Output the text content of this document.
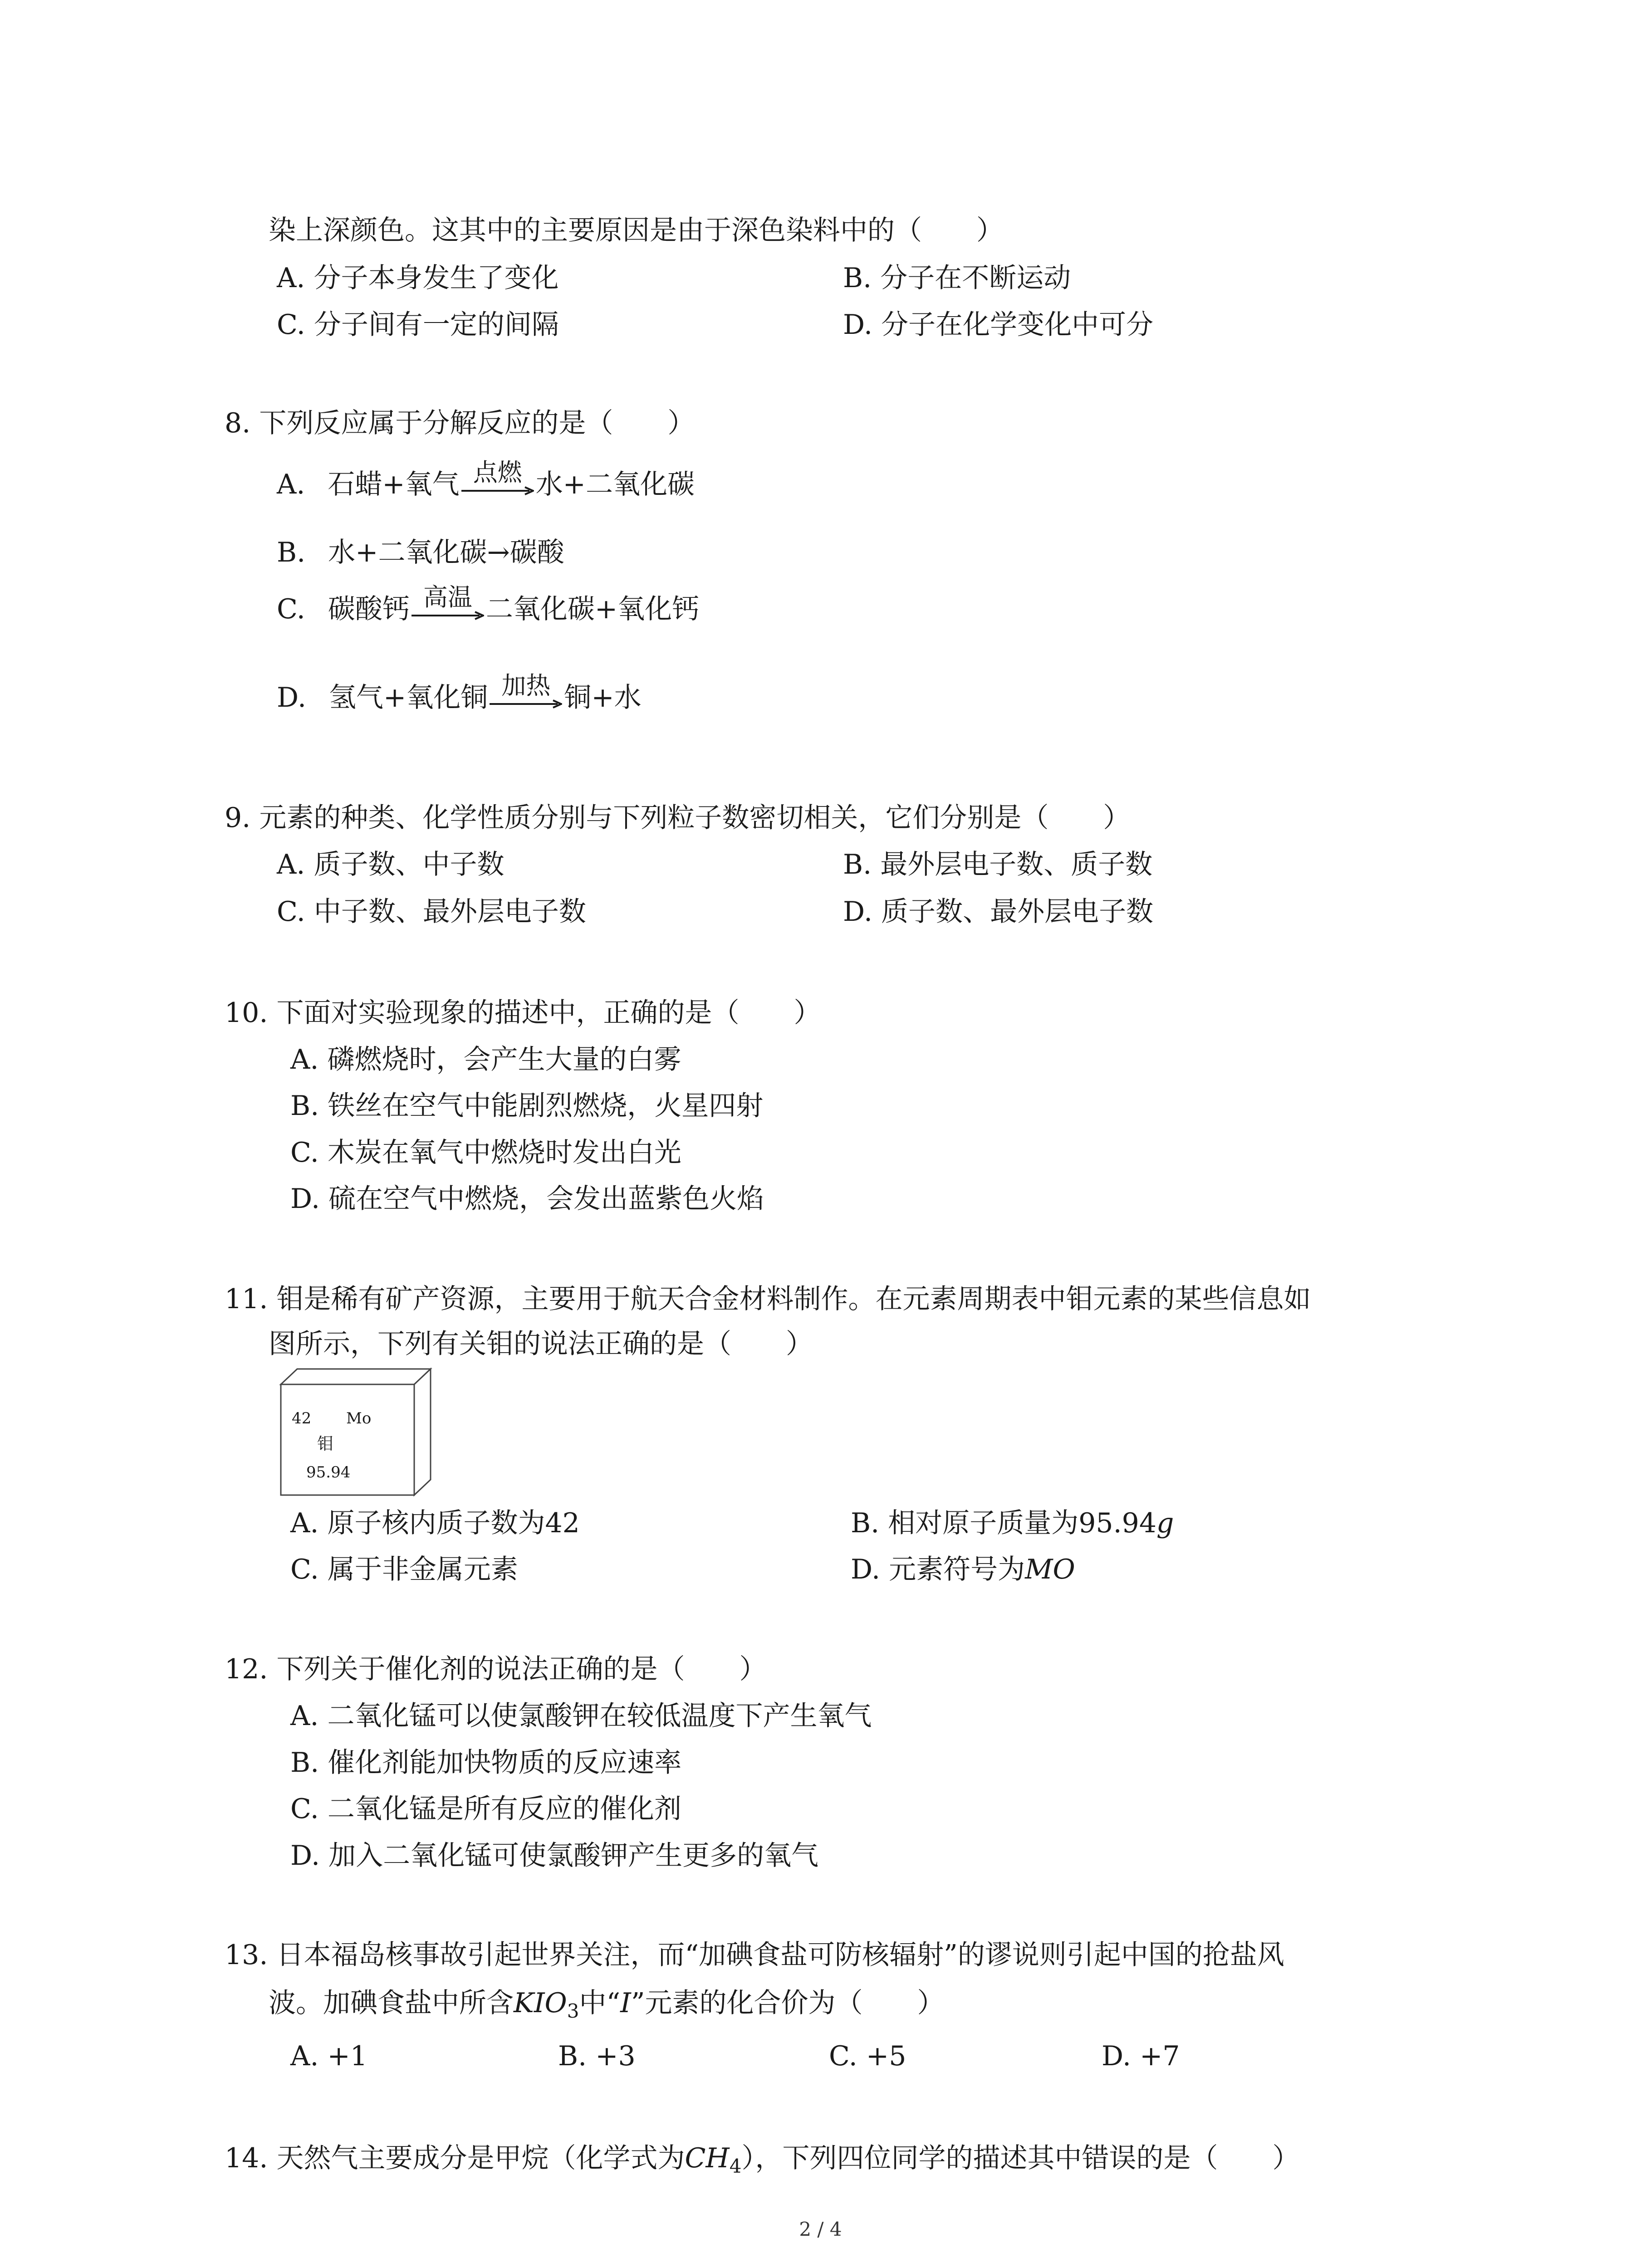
染上深颜色。这其中的主要原因是由于深色染料中的（　　）
A. 分子本身发生了变化	B. 分子在不断运动
C. 分子间有一定的间隔	D. 分子在化学变化中可分
8. 下列反应属于分解反应的是（　　）
A. 石蜡+氧气 点燃 水+二氧化碳
B. 水+二氧化碳→碳酸
C. 碳酸钙 高温 二氧化碳+氧化钙
D. 氢气+氧化铜 加热 铜+水
9. 元素的种类、化学性质分别与下列粒子数密切相关，它们分别是（　　）
A. 质子数、中子数	B. 最外层电子数、质子数
C. 中子数、最外层电子数	D. 质子数、最外层电子数
10. 下面对实验现象的描述中，正确的是（　　）
A. 磷燃烧时，会产生大量的白雾
B. 铁丝在空气中能剧烈燃烧，火星四射
C. 木炭在氧气中燃烧时发出白光
D. 硫在空气中燃烧，会发出蓝紫色火焰
11. 钼是稀有矿产资源，主要用于航天合金材料制作。在元素周期表中钼元素的某些信息如
图所示，下列有关钼的说法正确的是（　　）
42 Mo
钼
95.94
A. 原子核内质子数为42	B. 相对原子质量为95.94g
C. 属于非金属元素	D. 元素符号为MO
12. 下列关于催化剂的说法正确的是（　　）
A. 二氧化锰可以使氯酸钾在较低温度下产生氧气
B. 催化剂能加快物质的反应速率
C. 二氧化锰是所有反应的催化剂
D. 加入二氧化锰可使氯酸钾产生更多的氧气
13. 日本福岛核事故引起世界关注，而“加碘食盐可防核辐射”的谬说则引起中国的抢盐风
波。加碘食盐中所含$KIO_3$中“I”元素的化合价为（　　）
A. +1	B. +3	C. +5	D. +7
14. 天然气主要成分是甲烷（化学式为$CH_4$），下列四位同学的描述其中错误的是（　　）
2 / 4
